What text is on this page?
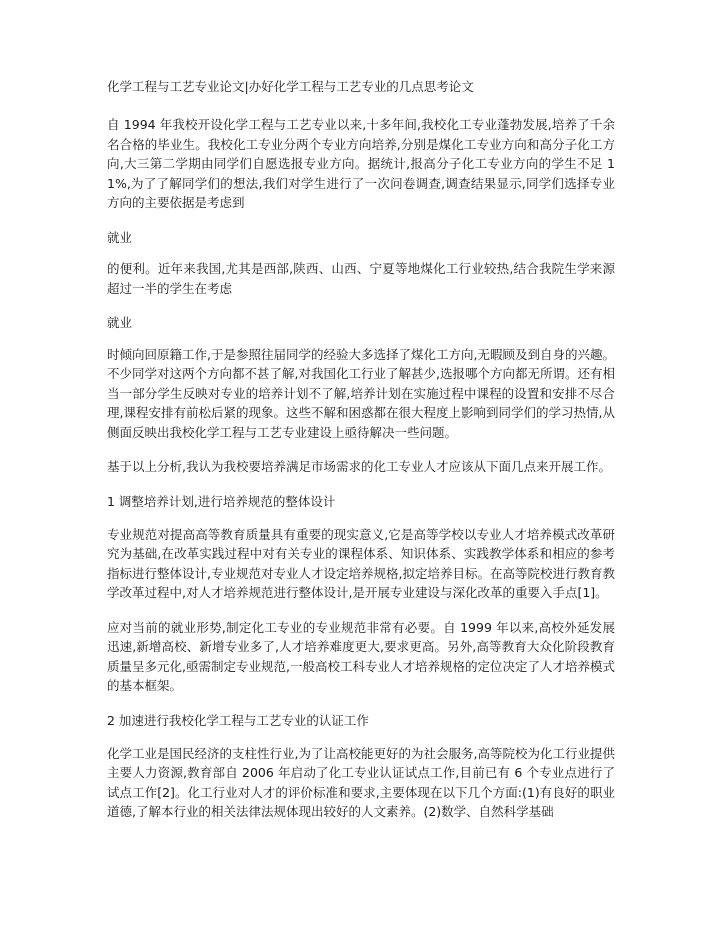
化学工程与工艺专业论文|办好化学工程与工艺专业的几点思考论文

自 1994 年我校开设化学工程与工艺专业以来,十多年间,我校化工专业蓬勃发展,培养了千余名合格的毕业生。我校化工专业分两个专业方向培养,分别是煤化工专业方向和高分子化工方向,大三第二学期由同学们自愿选报专业方向。据统计,报高分子化工专业方向的学生不足 11%,为了了解同学们的想法,我们对学生进行了一次问卷调查,调查结果显示,同学们选择专业方向的主要依据是考虑到

就业

的便利。近年来我国,尤其是西部,陕西、山西、宁夏等地煤化工行业较热,结合我院生学来源超过一半的学生在考虑

就业

时倾向回原籍工作,于是参照往届同学的经验大多选择了煤化工方向,无暇顾及到自身的兴趣。不少同学对这两个方向都不甚了解,对我国化工行业了解甚少,选报哪个方向都无所谓。还有相当一部分学生反映对专业的培养计划不了解,培养计划在实施过程中课程的设置和安排不尽合理,课程安排有前松后紧的现象。这些不解和困惑都在很大程度上影响到同学们的学习热情,从侧面反映出我校化学工程与工艺专业建设上亟待解决一些问题。

基于以上分析,我认为我校要培养满足市场需求的化工专业人才应该从下面几点来开展工作。

1 调整培养计划,进行培养规范的整体设计

专业规范对提高高等教育质量具有重要的现实意义,它是高等学校以专业人才培养模式改革研究为基础,在改革实践过程中对有关专业的课程体系、知识体系、实践教学体系和相应的参考指标进行整体设计,专业规范对专业人才设定培养规格,拟定培养目标。在高等院校进行教育教学改革过程中,对人才培养规范进行整体设计,是开展专业建设与深化改革的重要入手点[1]。

应对当前的就业形势,制定化工专业的专业规范非常有必要。自 1999 年以来,高校外延发展迅速,新增高校、新增专业多了,人才培养难度更大,要求更高。另外,高等教育大众化阶段教育质量呈多元化,亟需制定专业规范,一般高校工科专业人才培养规格的定位决定了人才培养模式的基本框架。

2 加速进行我校化学工程与工艺专业的认证工作

化学工业是国民经济的支柱性行业,为了让高校能更好的为社会服务,高等院校为化工行业提供主要人力资源,教育部自 2006 年启动了化工专业认证试点工作,目前已有 6 个专业点进行了试点工作[2]。化工行业对人才的评价标准和要求,主要体现在以下几个方面:(1)有良好的职业道德,了解本行业的相关法律法规体现出较好的人文素养。(2)数学、自然科学基础
